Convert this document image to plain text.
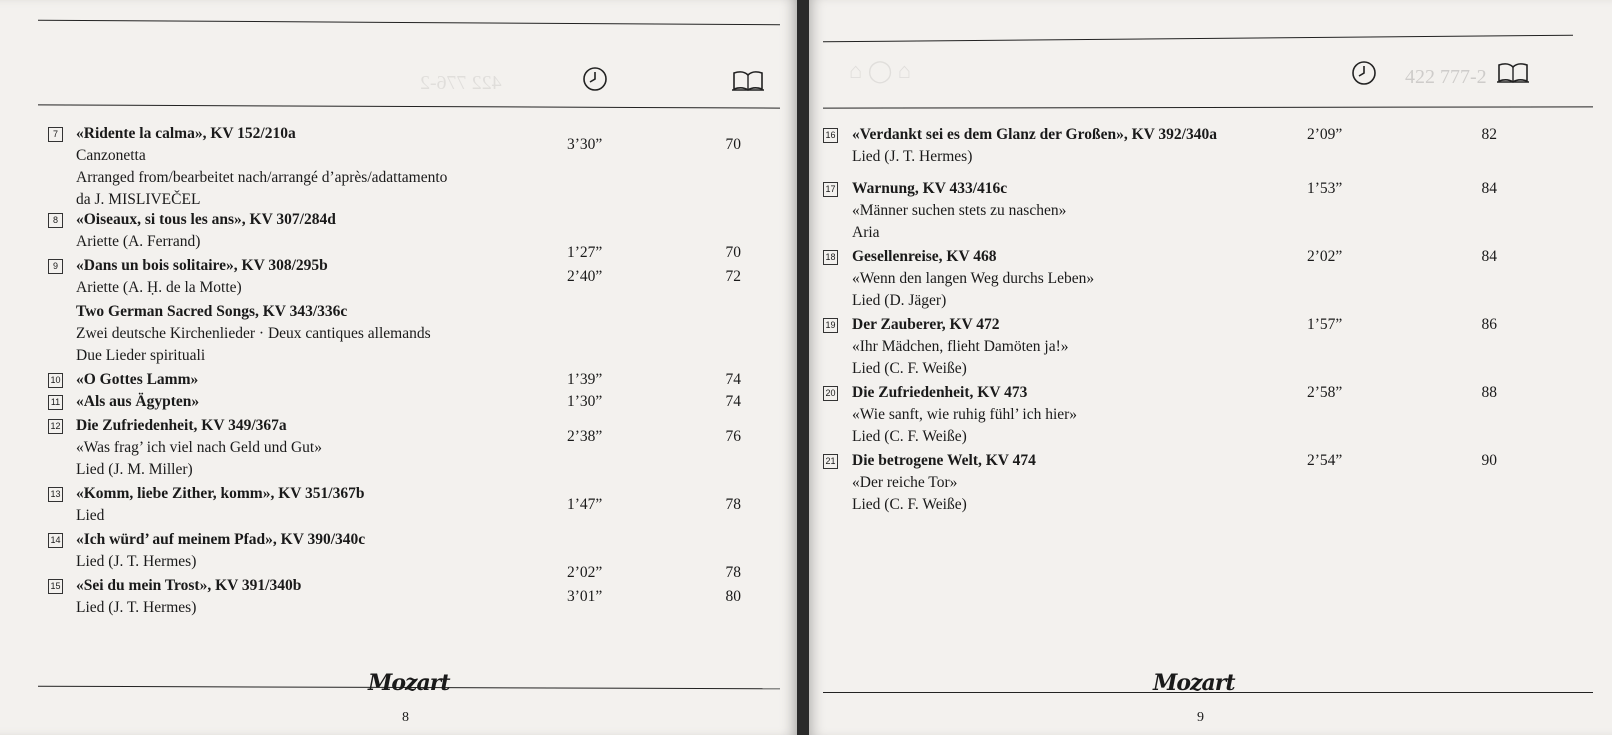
422 776-2
7	«Ridente la calma», KV 152/210a
Canzonetta
Arranged from/bearbeitet nach/arrangé d’après/adattamento
da J. MISLIVEČEL
3’30”	70
8	«Oiseaux, si tous les ans», KV 307/284d
Ariette (A. Ferrand)
1’27”	70
9	«Dans un bois solitaire», KV 308/295b
Ariette (A. Ḥ. de la Motte)
2’40”	72
Two German Sacred Songs, KV 343/336c
Zwei deutsche Kirchenlieder · Deux cantiques allemands
Due Lieder spirituali
10 «O Gottes Lamm»	1’39”	74
11 «Als aus Ägypten»	1’30”	74
12 Die Zufriedenheit, KV 349/367a
«Was frag’ ich viel nach Geld und Gut»
Lied (J. M. Miller)
2’38”	76
13 «Komm, liebe Zither, komm», KV 351/367b
Lied
1’47”	78
14 «Ich würd’ auf meinem Pfad», KV 390/340c
Lied (J. T. Hermes)
2’02”	78
15 «Sei du mein Trost», KV 391/340b
Lied (J. T. Hermes)
3’01”	80
Mozart
8
⌂ ◯ ⌂	422 777-2
16 «Verdankt sei es dem Glanz der Großen», KV 392/340a
Lied (J. T. Hermes)
2’09”	82
17 Warnung, KV 433/416c
«Männer suchen stets zu naschen»
Aria
1’53”	84
18 Gesellenreise, KV 468
«Wenn den langen Weg durchs Leben»
Lied (D. Jäger)
2’02”	84
19 Der Zauberer, KV 472
«Ihr Mädchen, flieht Damöten ja!»
Lied (C. F. Weiße)
1’57”	86
20 Die Zufriedenheit, KV 473
«Wie sanft, wie ruhig fühl’ ich hier»
Lied (C. F. Weiße)
2’58”	88
21 Die betrogene Welt, KV 474
«Der reiche Tor»
Lied (C. F. Weiße)
2’54”	90
Mozart
9
